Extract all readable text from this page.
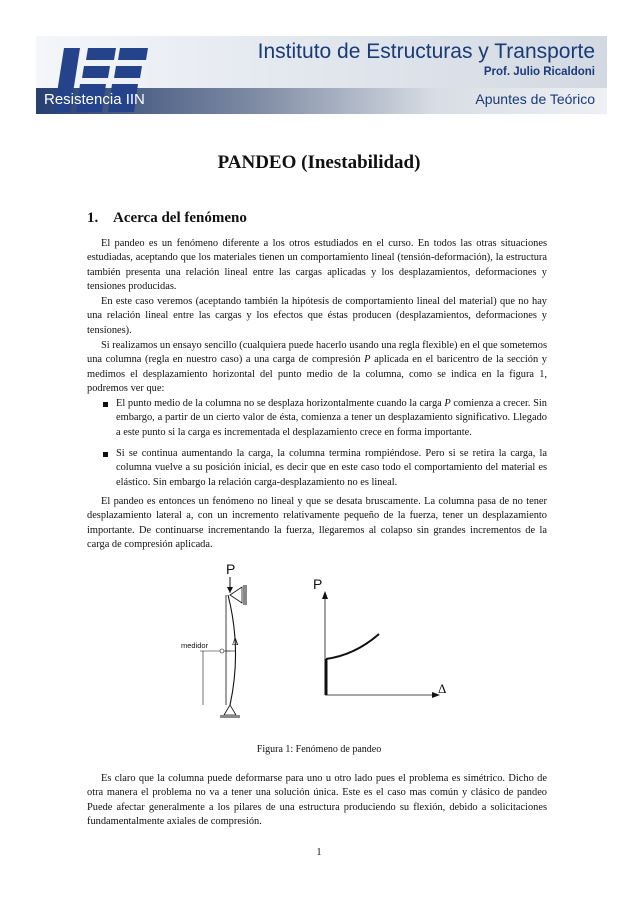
Instituto de Estructuras y Transporte
Prof. Julio Ricaldoni
Resistencia IIN	Apuntes de Teórico
PANDEO (Inestabilidad)
1. Acerca del fenómeno
El pandeo es un fenómeno diferente a los otros estudiados en el curso. En todos las otras situaciones estudiadas, aceptando que los materiales tienen un comportamiento lineal (tensión-deformación), la estructura también presenta una relación lineal entre las cargas aplicadas y los desplazamientos, deformaciones y tensiones producidas.
En este caso veremos (aceptando también la hipótesis de comportamiento lineal del material) que no hay una relación lineal entre las cargas y los efectos que éstas producen (desplazamientos, deformaciones y tensiones).
Si realizamos un ensayo sencillo (cualquiera puede hacerlo usando una regla flexible) en el que sometemos una columna (regla en nuestro caso) a una carga de compresión P aplicada en el baricentro de la sección y medimos el desplazamiento horizontal del punto medio de la columna, como se indica en la figura 1, podremos ver que:
El punto medio de la columna no se desplaza horizontalmente cuando la carga P comienza a crecer. Sin embargo, a partir de un cierto valor de ésta, comienza a tener un desplazamiento significativo. Llegado a este punto si la carga es incrementada el desplazamiento crece en forma importante.
Si se continua aumentando la carga, la columna termina rompiéndose. Pero si se retira la carga, la columna vuelve a su posición inicial, es decir que en este caso todo el comportamiento del material es elástico. Sin embargo la relación carga-desplazamiento no es lineal.
El pandeo es entonces un fenómeno no lineal y que se desata bruscamente. La columna pasa de no tener desplazamiento lateral a, con un incremento relativamente pequeño de la fuerza, tener un desplazamiento importante. De continuarse incrementando la fuerza, llegaremos al colapso sin grandes incrementos de la carga de compresión aplicada.
P
medidor Δ
P
Δ
Figura 1: Fenómeno de pandeo
Es claro que la columna puede deformarse para uno u otro lado pues el problema es simétrico. Dicho de otra manera el problema no va a tener una solución única. Este es el caso mas común y clásico de pandeo Puede afectar generalmente a los pilares de una estructura produciendo su flexión, debido a solicitaciones fundamentalmente axiales de compresión.
1
